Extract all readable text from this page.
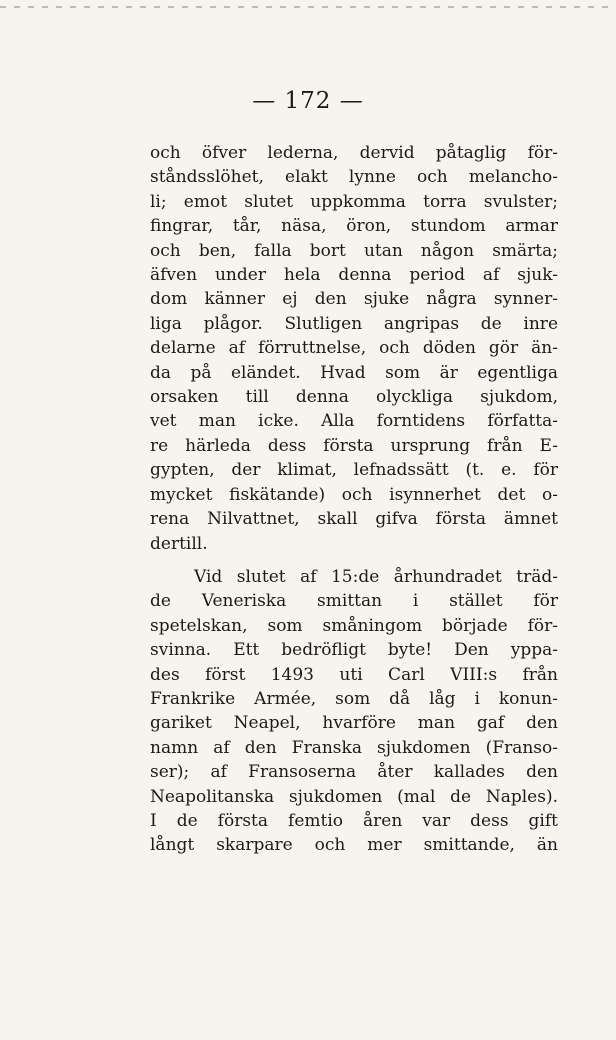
— 172 —
och öfver lederna, dervid påtaglig för-
ståndsslöhet, elakt lynne och melancho-
li; emot slutet uppkomma torra svulster;
fingrar, tår, näsa, öron, stundom armar
och ben, falla bort utan någon smärta;
äfven under hela denna period af sjuk-
dom känner ej den sjuke några synner-
liga plågor. Slutligen angripas de inre
delarne af förruttnelse, och döden gör än-
da på eländet. Hvad som är egentliga
orsaken till denna olyckliga sjukdom,
vet man icke. Alla forntidens författa-
re härleda dess första ursprung från E-
gypten, der klimat, lefnadssätt (t. e. för
mycket fiskätande) och isynnerhet det o-
rena Nilvattnet, skall gifva första ämnet
dertill.
Vid slutet af 15:de århundradet träd-
de Veneriska smittan i stället för
spetelskan, som småningom började för-
svinna. Ett bedröfligt byte! Den yppa-
des först 1493 uti Carl VIII:s från
Frankrike Armée, som då låg i konun-
gariket Neapel, hvarföre man gaf den
namn af den Franska sjukdomen (Franso-
ser); af Fransoserna åter kallades den
Neapolitanska sjukdomen (mal de Naples).
I de första femtio åren var dess gift
långt skarpare och mer smittande, än
